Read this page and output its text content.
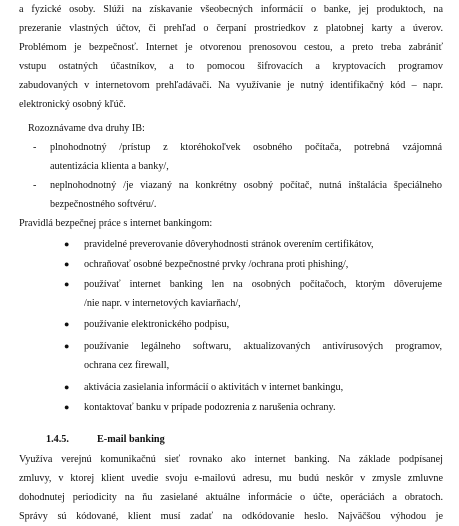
a fyzické osoby. Slúži na získavanie všeobecných informácií o banke, jej produktoch, na
prezeranie vlastných účtov, či prehľad o čerpaní prostriedkov z platobnej karty a úverov.
Problémom je bezpečnosť. Internet je otvorenou prenosovou cestou, a preto treba zabrániť
vstupu ostatných účastníkov, a to pomocou šifrovacích a kryptovacích programov
zabudovaných v internetovom prehľadávači. Na využívanie je nutný identifikačný kód – napr.
elektronický osobný kľúč.
Rozoznávame dva druhy IB:
-	plnohodnotný /prístup z ktoréhokoľvek osobného počítača, potrebná vzájomná
autentizácia klienta a banky/,
-	neplnohodnotný /je viazaný na konkrétny osobný počítač, nutná inštalácia špeciálneho
bezpečnostného softvéru/.
Pravidlá bezpečnej práce s internet bankingom:
● pravidelné preverovanie dôveryhodnosti stránok overením certifikátov,
● ochraňovať osobné bezpečnostné prvky /ochrana proti phishing/,
● používať internet banking len na osobných počítačoch, ktorým dôverujeme
/nie napr. v internetových kaviarňach/,
● používanie elektronického podpisu,
● používanie legálneho softwaru, aktualizovaných antivírusových programov,
ochrana cez firewall,
● aktivácia zasielania informácií o aktivitách v internet bankingu,
● kontaktovať banku v prípade podozrenia z narušenia ochrany.
1.4.5.	E-mail banking
Využíva verejnú komunikačnú sieť rovnako ako internet banking. Na základe podpísanej
zmluvy, v ktorej klient uvedie svoju e-mailovú adresu, mu budú neskôr v zmysle zmluvne
dohodnutej periodicity na ňu zasielané aktuálne informácie o účte, operáciách a obratoch.
Správy sú kódované, klient musí zadať na odkódovanie heslo. Najväčšou výhodou je
